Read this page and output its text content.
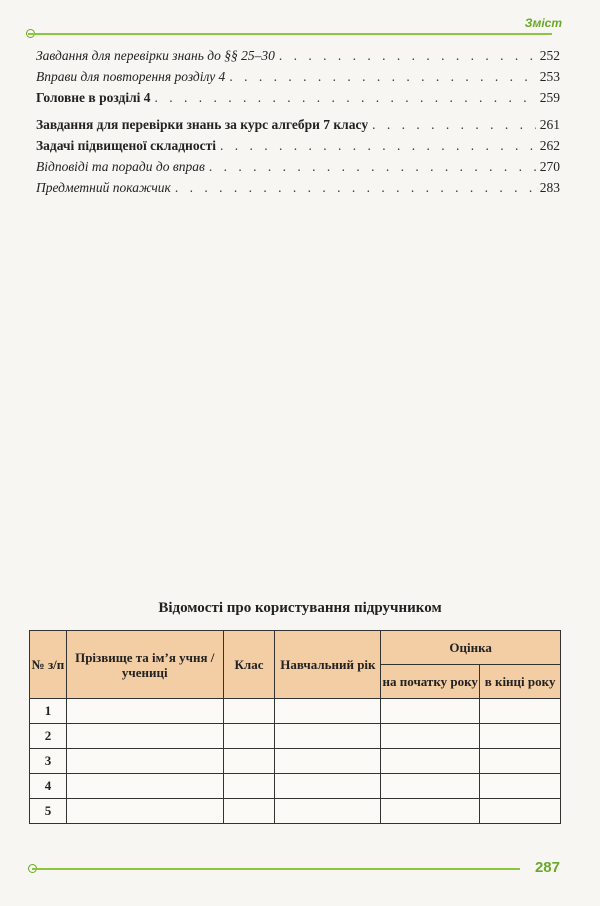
Зміст
Завдання для перевірки знань до §§ 25–30 . . .	252
Вправи для повторення розділу 4 . . .	253
Головне в розділі 4 . . .	259
Завдання для перевірки знань за курс алгебри 7 класу . . .	261
Задачі підвищеної складності . . .	262
Відповіді та поради до вправ . . .	270
Предметний покажчик . . .	283
Відомості про користування підручником
№ з/п	Прізвище та ім’я учня / учениці	Клас	Навчальний рік	Оцінка	
				на початку року	в кінці року
1					
2					
3					
4					
5					
287
